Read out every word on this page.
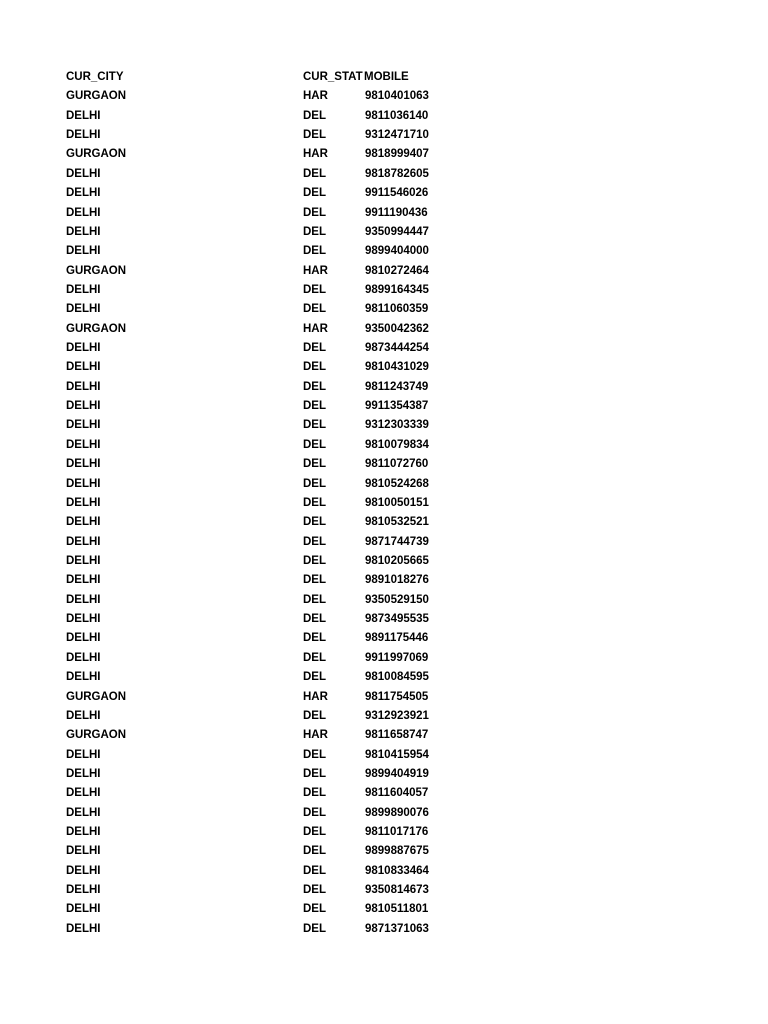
CUR_CITY	CUR_STAT MOBILE
GURGAON	HAR	9810401063
DELHI	DEL	9811036140
DELHI	DEL	9312471710
GURGAON	HAR	9818999407
DELHI	DEL	9818782605
DELHI	DEL	9911546026
DELHI	DEL	9911190436
DELHI	DEL	9350994447
DELHI	DEL	9899404000
GURGAON	HAR	9810272464
DELHI	DEL	9899164345
DELHI	DEL	9811060359
GURGAON	HAR	9350042362
DELHI	DEL	9873444254
DELHI	DEL	9810431029
DELHI	DEL	9811243749
DELHI	DEL	9911354387
DELHI	DEL	9312303339
DELHI	DEL	9810079834
DELHI	DEL	9811072760
DELHI	DEL	9810524268
DELHI	DEL	9810050151
DELHI	DEL	9810532521
DELHI	DEL	9871744739
DELHI	DEL	9810205665
DELHI	DEL	9891018276
DELHI	DEL	9350529150
DELHI	DEL	9873495535
DELHI	DEL	9891175446
DELHI	DEL	9911997069
DELHI	DEL	9810084595
GURGAON	HAR	9811754505
DELHI	DEL	9312923921
GURGAON	HAR	9811658747
DELHI	DEL	9810415954
DELHI	DEL	9899404919
DELHI	DEL	9811604057
DELHI	DEL	9899890076
DELHI	DEL	9811017176
DELHI	DEL	9899887675
DELHI	DEL	9810833464
DELHI	DEL	9350814673
DELHI	DEL	9810511801
DELHI	DEL	9871371063
